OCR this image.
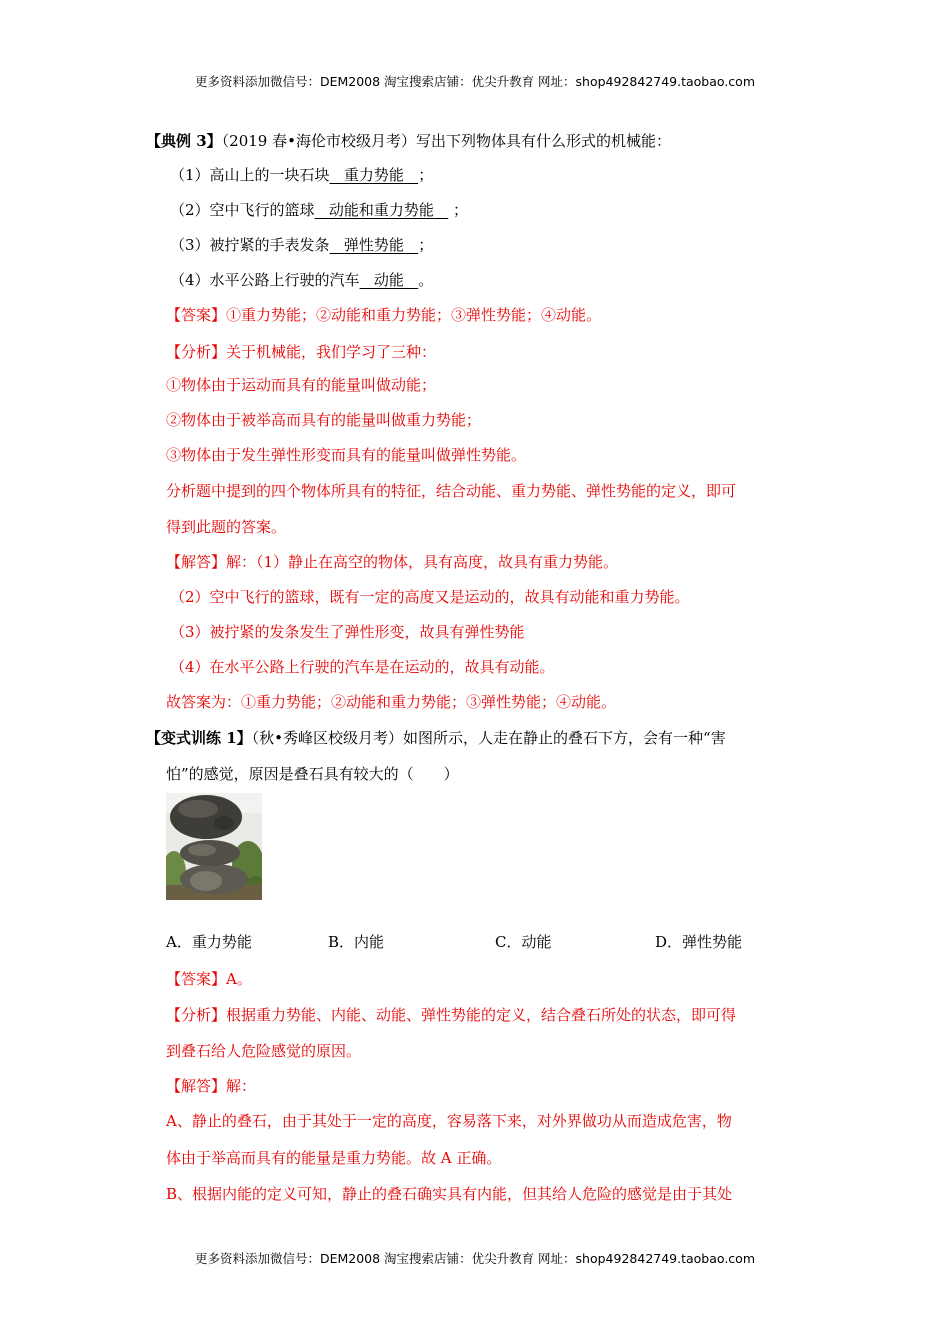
更多资料添加微信号：DEM2008 淘宝搜索店铺：优尖升教育 网址：shop492842749.taobao.com
【典例 3】（2019 春•海伦市校级月考）写出下列物体具有什么形式的机械能：
（1）高山上的一块石块 重力势能 ；
（2）空中飞行的篮球 动能和重力势能 ；
（3）被拧紧的手表发条 弹性势能 ；
（4）水平公路上行驶的汽车 动能 。
【答案】①重力势能；②动能和重力势能；③弹性势能；④动能。
【分析】关于机械能，我们学习了三种：
①物体由于运动而具有的能量叫做动能；
②物体由于被举高而具有的能量叫做重力势能；
③物体由于发生弹性形变而具有的能量叫做弹性势能。
分析题中提到的四个物体所具有的特征，结合动能、重力势能、弹性势能的定义，即可
得到此题的答案。
【解答】解：（1）静止在高空的物体，具有高度，故具有重力势能。
（2）空中飞行的篮球，既有一定的高度又是运动的，故具有动能和重力势能。
（3）被拧紧的发条发生了弹性形变，故具有弹性势能
（4）在水平公路上行驶的汽车是在运动的，故具有动能。
故答案为：①重力势能；②动能和重力势能；③弹性势能；④动能。
【变式训练 1】（秋•秀峰区校级月考）如图所示，人走在静止的叠石下方，会有一种“害
怕”的感觉，原因是叠石具有较大的（　　）
A．重力势能	B．内能	C．动能	D．弹性势能
【答案】A。
【分析】根据重力势能、内能、动能、弹性势能的定义，结合叠石所处的状态，即可得
到叠石给人危险感觉的原因。
【解答】解：
A、静止的叠石，由于其处于一定的高度，容易落下来，对外界做功从而造成危害，物
体由于举高而具有的能量是重力势能。故 A 正确。
B、根据内能的定义可知，静止的叠石确实具有内能，但其给人危险的感觉是由于其处
更多资料添加微信号：DEM2008 淘宝搜索店铺：优尖升教育 网址：shop492842749.taobao.com
